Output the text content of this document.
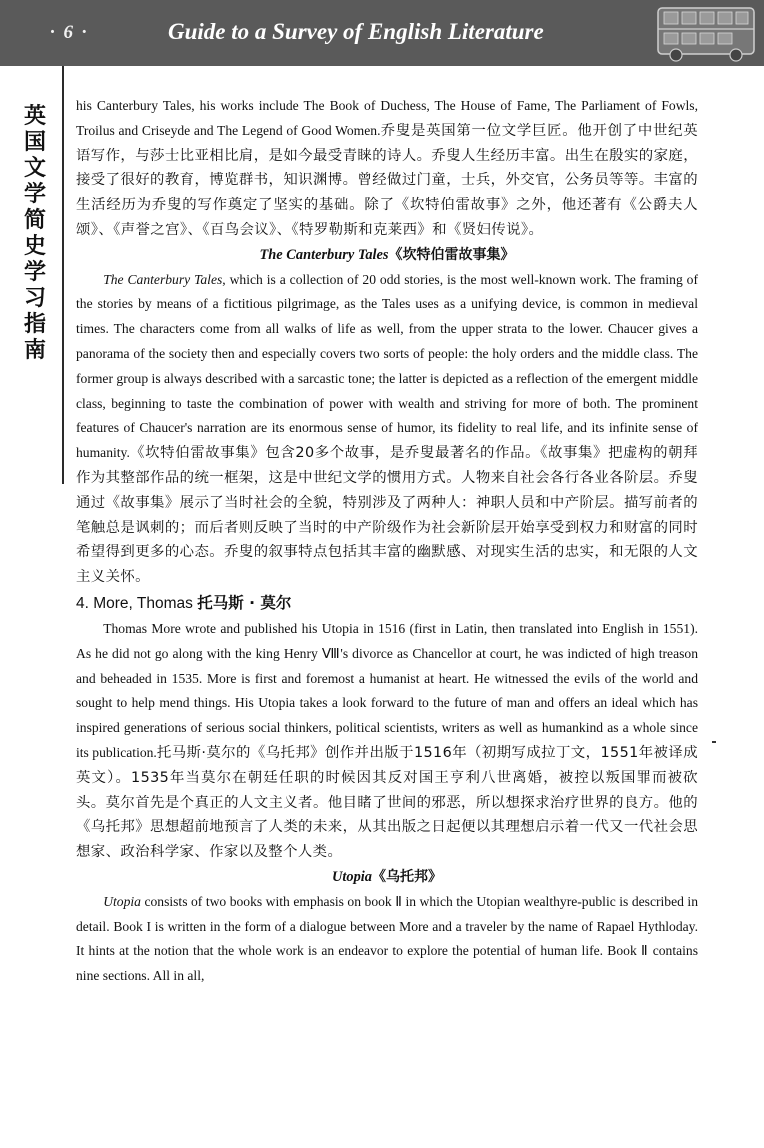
· 6 ·	Guide to a Survey of English Literature
英
国
文
学
简
史
学
习
指
南

his Canterbury Tales, his works include The Book of Duchess, The House of Fame, The Parliament of Fowls, Troilus and Criseyde and The Legend of Good Women.乔叟是英国第一位文学巨匠。他开创了中世纪英语写作，与莎士比亚相比肩，是如今最受青睐的诗人。乔叟人生经历丰富。出生在殷实的家庭，接受了很好的教育，博览群书，知识渊博。曾经做过门童，士兵，外交官，公务员等等。丰富的生活经历为乔叟的写作奠定了坚实的基础。除了《坎特伯雷故事》之外，他还著有《公爵夫人颂》、《声誉之宫》、《百鸟会议》、《特罗勒斯和克莱西》和《贤妇传说》。

The Canterbury Tales《坎特伯雷故事集》

The Canterbury Tales, which is a collection of 20 odd stories, is the most well-known work. The framing of the stories by means of a fictitious pilgrimage, as the Tales uses as a unifying device, is common in medieval times. The characters come from all walks of life as well, from the upper strata to the lower. Chaucer gives a panorama of the society then and especially covers two sorts of people: the holy orders and the middle class. The former group is always described with a sarcastic tone; the latter is depicted as a reflection of the emergent middle class, beginning to taste the combination of power with wealth and striving for more of both. The prominent features of Chaucer's narration are its enormous sense of humor, its fidelity to real life, and its infinite sense of humanity.《坎特伯雷故事集》包含20多个故事，是乔叟最著名的作品。《故事集》把虚构的朝拜作为其整部作品的统一框架，这是中世纪文学的惯用方式。人物来自社会各行各业各阶层。乔叟通过《故事集》展示了当时社会的全貌，特别涉及了两种人：神职人员和中产阶层。描写前者的笔触总是讽刺的；而后者则反映了当时的中产阶级作为社会新阶层开始享受到权力和财富的同时希望得到更多的心态。乔叟的叙事特点包括其丰富的幽默感、对现实生活的忠实，和无限的人文主义关怀。

4. More, Thomas 托马斯 · 莫尔

Thomas More wrote and published his Utopia in 1516 (first in Latin, then translated into English in 1551). As he did not go along with the king Henry Ⅷ's divorce as Chancellor at court, he was indicted of high treason and beheaded in 1535. More is first and foremost a humanist at heart. He witnessed the evils of the world and sought to help mend things. His Utopia takes a look forward to the future of man and offers an ideal which has inspired generations of serious social thinkers, political scientists, writers as well as humankind as a whole since its publication.托马斯·莫尔的《乌托邦》创作并出版于1516年（初期写成拉丁文，1551年被译成英文）。1535年当莫尔在朝廷任职的时候因其反对国王亨利八世离婚，被控以叛国罪而被砍头。莫尔首先是个真正的人文主义者。他目睹了世间的邪恶，所以想探求治疗世界的良方。他的《乌托邦》思想超前地预言了人类的未来，从其出版之日起便以其理想启示着一代又一代社会思想家、政治科学家、作家以及整个人类。

Utopia《乌托邦》

Utopia consists of two books with emphasis on book Ⅱ in which the Utopian wealthyre-public is described in detail. Book I is written in the form of a dialogue between More and a traveler by the name of Rapael Hythloday. It hints at the notion that the whole work is an endeavor to explore the potential of human life. Book Ⅱ contains nine sections. All in all,
